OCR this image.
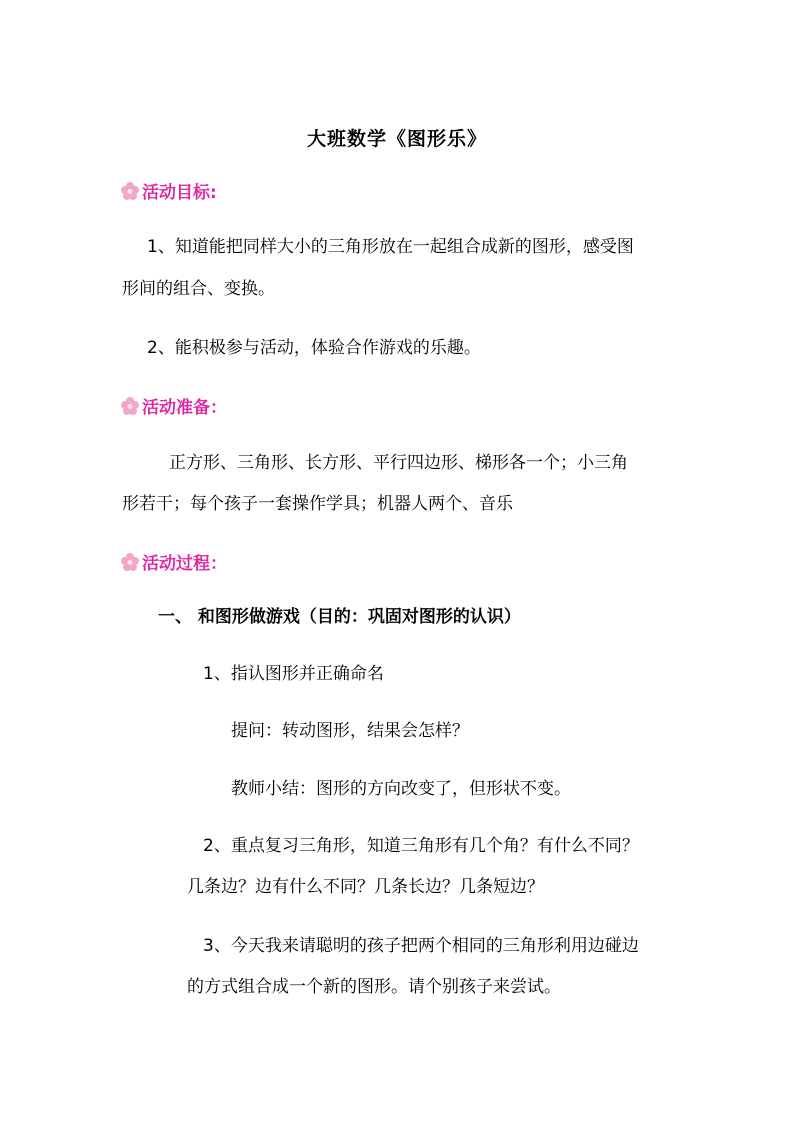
大班数学《图形乐》
活动目标:
1、知道能把同样大小的三角形放在一起组合成新的图形，感受图
形间的组合、变换。
2、能积极参与活动，体验合作游戏的乐趣。
活动准备：
正方形、三角形、长方形、平行四边形、梯形各一个；小三角
形若干；每个孩子一套操作学具；机器人两个、音乐
活动过程：
一、 和图形做游戏（目的：巩固对图形的认识）
1、指认图形并正确命名
提问：转动图形，结果会怎样？
教师小结：图形的方向改变了，但形状不变。
2、重点复习三角形，知道三角形有几个角？有什么不同？
几条边？边有什么不同？几条长边？几条短边？
3、今天我来请聪明的孩子把两个相同的三角形利用边碰边
的方式组合成一个新的图形。请个别孩子来尝试。
